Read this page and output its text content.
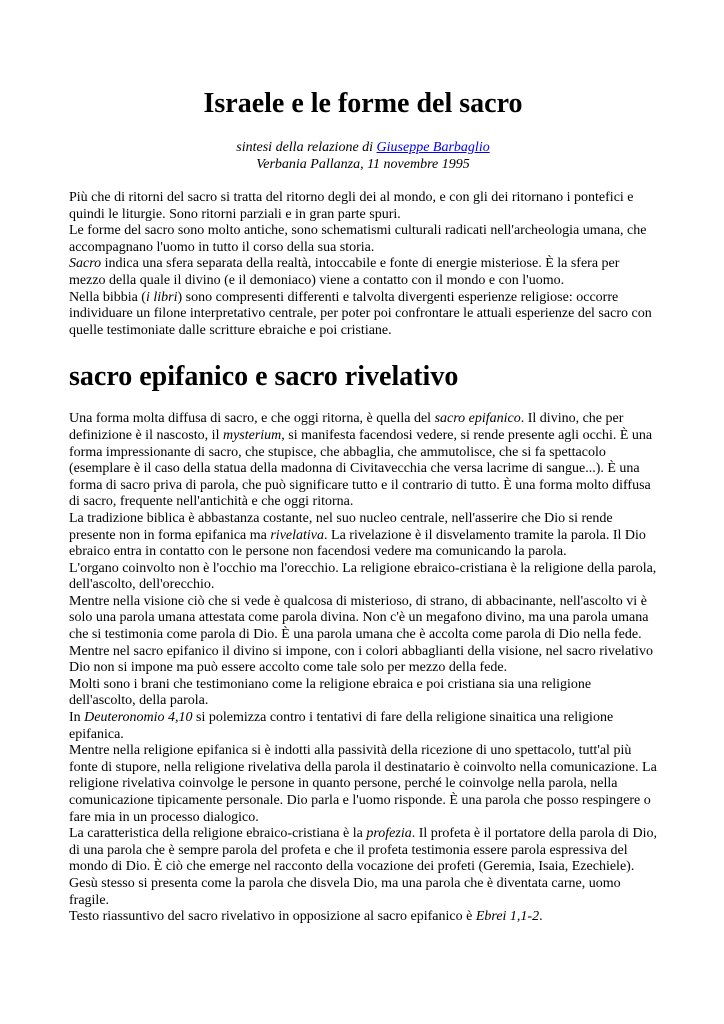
Israele e le forme del sacro
sintesi della relazione di Giuseppe Barbaglio
Verbania Pallanza, 11 novembre 1995
Più che di ritorni del sacro si tratta del ritorno degli dei al mondo, e con gli dei ritornano i pontefici e quindi le liturgie. Sono ritorni parziali e in gran parte spuri.
Le forme del sacro sono molto antiche, sono schematismi culturali radicati nell'archeologia umana, che accompagnano l'uomo in tutto il corso della sua storia.
Sacro indica una sfera separata della realtà, intoccabile e fonte di energie misteriose. È la sfera per mezzo della quale il divino (e il demoniaco) viene a contatto con il mondo e con l'uomo.
Nella bibbia (i libri) sono compresenti differenti e talvolta divergenti esperienze religiose: occorre individuare un filone interpretativo centrale, per poter poi confrontare le attuali esperienze del sacro con quelle testimoniate dalle scritture ebraiche e poi cristiane.
sacro epifanico e sacro rivelativo
Una forma molta diffusa di sacro, e che oggi ritorna, è quella del sacro epifanico. Il divino, che per definizione è il nascosto, il mysterium, si manifesta facendosi vedere, si rende presente agli occhi. È una forma impressionante di sacro, che stupisce, che abbaglia, che ammutolisce, che si fa spettacolo (esemplare è il caso della statua della madonna di Civitavecchia che versa lacrime di sangue...). È una forma di sacro priva di parola, che può significare tutto e il contrario di tutto. È una forma molto diffusa di sacro, frequente nell'antichità e che oggi ritorna.
La tradizione biblica è abbastanza costante, nel suo nucleo centrale, nell'asserire che Dio si rende presente non in forma epifanica ma rivelativa. La rivelazione è il disvelamento tramite la parola. Il Dio ebraico entra in contatto con le persone non facendosi vedere ma comunicando la parola.
L'organo coinvolto non è l'occhio ma l'orecchio. La religione ebraico-cristiana è la religione della parola, dell'ascolto, dell'orecchio.
Mentre nella visione ciò che si vede è qualcosa di misterioso, di strano, di abbacinante, nell'ascolto vi è solo una parola umana attestata come parola divina. Non c'è un megafono divino, ma una parola umana che si testimonia come parola di Dio. È una parola umana che è accolta come parola di Dio nella fede.
Mentre nel sacro epifanico il divino si impone, con i colori abbaglianti della visione, nel sacro rivelativo Dio non si impone ma può essere accolto come tale solo per mezzo della fede.
Molti sono i brani che testimoniano come la religione ebraica e poi cristiana sia una religione dell'ascolto, della parola.
In Deuteronomio 4,10 si polemizza contro i tentativi di fare della religione sinaitica una religione epifanica.
Mentre nella religione epifanica si è indotti alla passività della ricezione di uno spettacolo, tutt'al più fonte di stupore, nella religione rivelativa della parola il destinatario è coinvolto nella comunicazione. La religione rivelativa coinvolge le persone in quanto persone, perché le coinvolge nella parola, nella comunicazione tipicamente personale. Dio parla e l'uomo risponde. È una parola che posso respingere o fare mia in un processo dialogico.
La caratteristica della religione ebraico-cristiana è la profezia. Il profeta è il portatore della parola di Dio, di una parola che è sempre parola del profeta e che il profeta testimonia essere parola espressiva del mondo di Dio. È ciò che emerge nel racconto della vocazione dei profeti (Geremia, Isaia, Ezechiele). Gesù stesso si presenta come la parola che disvela Dio, ma una parola che è diventata carne, uomo fragile.
Testo riassuntivo del sacro rivelativo in opposizione al sacro epifanico è Ebrei 1,1-2.
